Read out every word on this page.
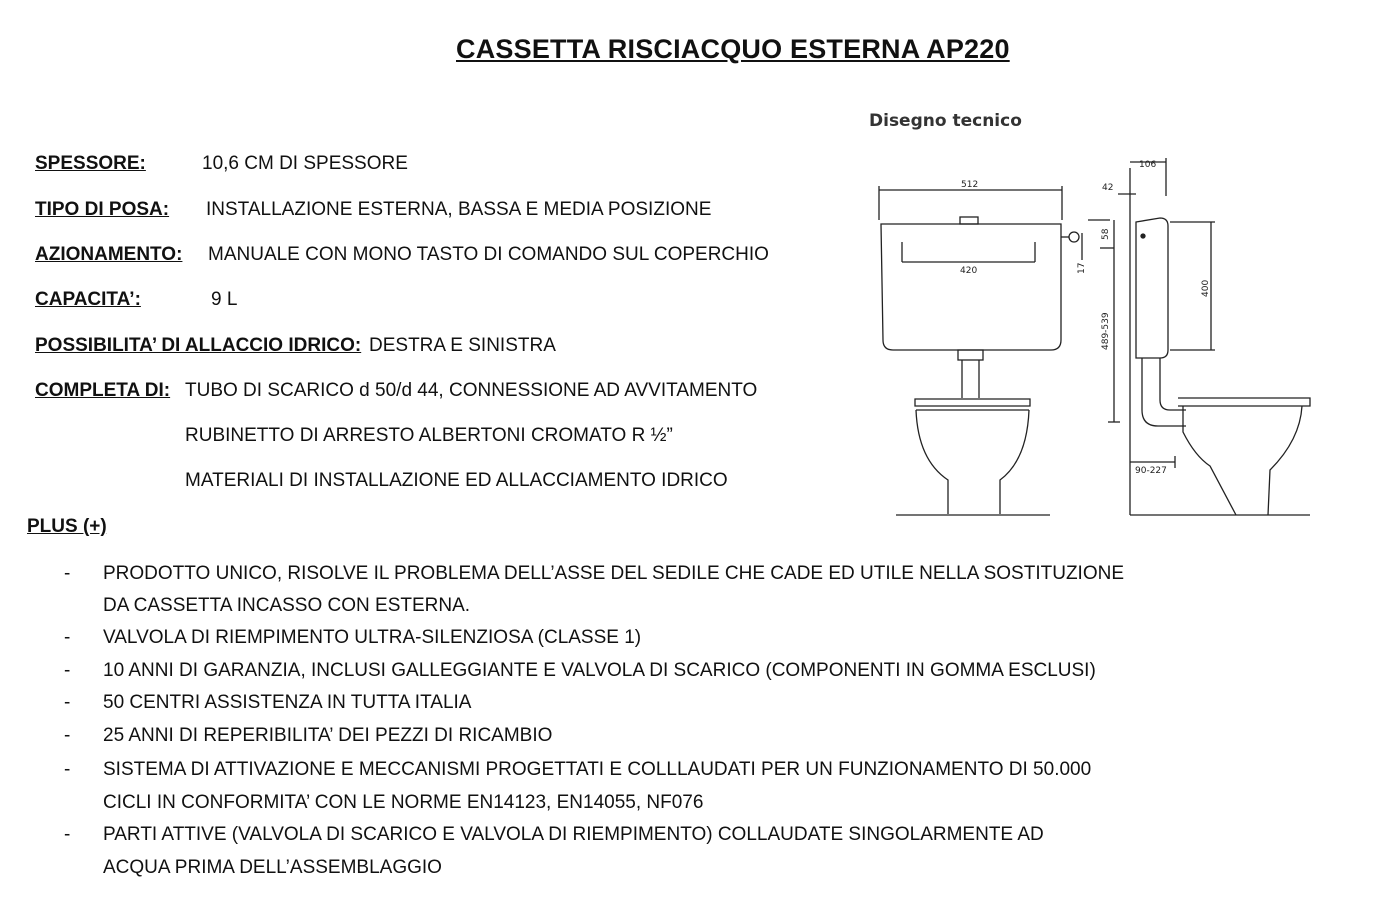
CASSETTA RISCIACQUO ESTERNA AP220
SPESSORE:	10,6 CM DI SPESSORE
TIPO DI POSA: INSTALLAZIONE ESTERNA, BASSA E MEDIA POSIZIONE
AZIONAMENTO: MANUALE CON MONO TASTO DI COMANDO SUL COPERCHIO
CAPACITA’:	9 L
POSSIBILITA’ DI ALLACCIO IDRICO: DESTRA E SINISTRA
COMPLETA DI: TUBO DI SCARICO d 50/d 44, CONNESSIONE AD AVVITAMENTO
RUBINETTO DI ARRESTO ALBERTONI CROMATO R ½”
MATERIALI DI INSTALLAZIONE ED ALLACCIAMENTO IDRICO
PLUS (+)
- PRODOTTO UNICO, RISOLVE IL PROBLEMA DELL’ASSE DEL SEDILE CHE CADE ED UTILE NELLA SOSTITUZIONE
DA CASSETTA INCASSO CON ESTERNA.
- VALVOLA DI RIEMPIMENTO ULTRA-SILENZIOSA (CLASSE 1)
- 10 ANNI DI GARANZIA, INCLUSI GALLEGGIANTE E VALVOLA DI SCARICO (COMPONENTI IN GOMMA ESCLUSI)
- 50 CENTRI ASSISTENZA IN TUTTA ITALIA
- 25 ANNI DI REPERIBILITA’ DEI PEZZI DI RICAMBIO
- SISTEMA DI ATTIVAZIONE E MECCANISMI PROGETTATI E COLLLAUDATI PER UN FUNZIONAMENTO DI 50.000
CICLI IN CONFORMITA’ CON LE NORME EN14123, EN14055, NF076
- PARTI ATTIVE (VALVOLA DI SCARICO E VALVOLA DI RIEMPIMENTO) COLLAUDATE SINGOLARMENTE AD
ACQUA PRIMA DELL’ASSEMBLAGGIO
Disegno tecnico
512
420
106
42
58
17
400
489-539
90-227
